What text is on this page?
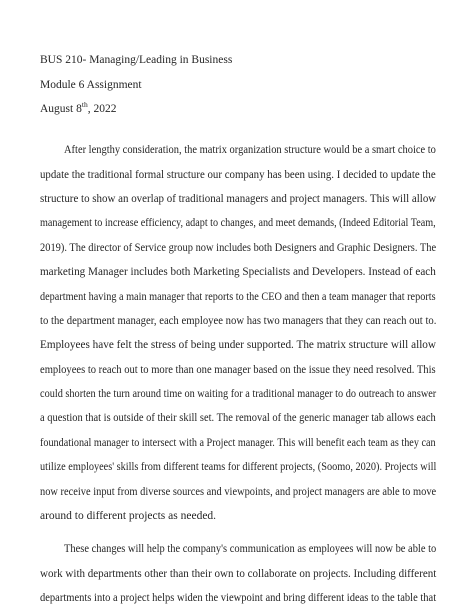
BUS 210- Managing/Leading in Business
Module 6 Assignment
August 8th, 2022
After lengthy consideration, the matrix organization structure would be a smart choice to
update the traditional formal structure our company has been using. I decided to update the
structure to show an overlap of traditional managers and project managers. This will allow
management to increase efficiency, adapt to changes, and meet demands, (Indeed Editorial Team,
2019). The director of Service group now includes both Designers and Graphic Designers. The
marketing Manager includes both Marketing Specialists and Developers. Instead of each
department having a main manager that reports to the CEO and then a team manager that reports
to the department manager, each employee now has two managers that they can reach out to.
Employees have felt the stress of being under supported. The matrix structure will allow
employees to reach out to more than one manager based on the issue they need resolved. This
could shorten the turn around time on waiting for a traditional manager to do outreach to answer
a question that is outside of their skill set. The removal of the generic manager tab allows each
foundational manager to intersect with a Project manager. This will benefit each team as they can
utilize employees' skills from different teams for different projects, (Soomo, 2020). Projects will
now receive input from diverse sources and viewpoints, and project managers are able to move
around to different projects as needed.
These changes will help the company's communication as employees will now be able to
work with departments other than their own to collaborate on projects. Including different
departments into a project helps widen the viewpoint and bring different ideas to the table that
